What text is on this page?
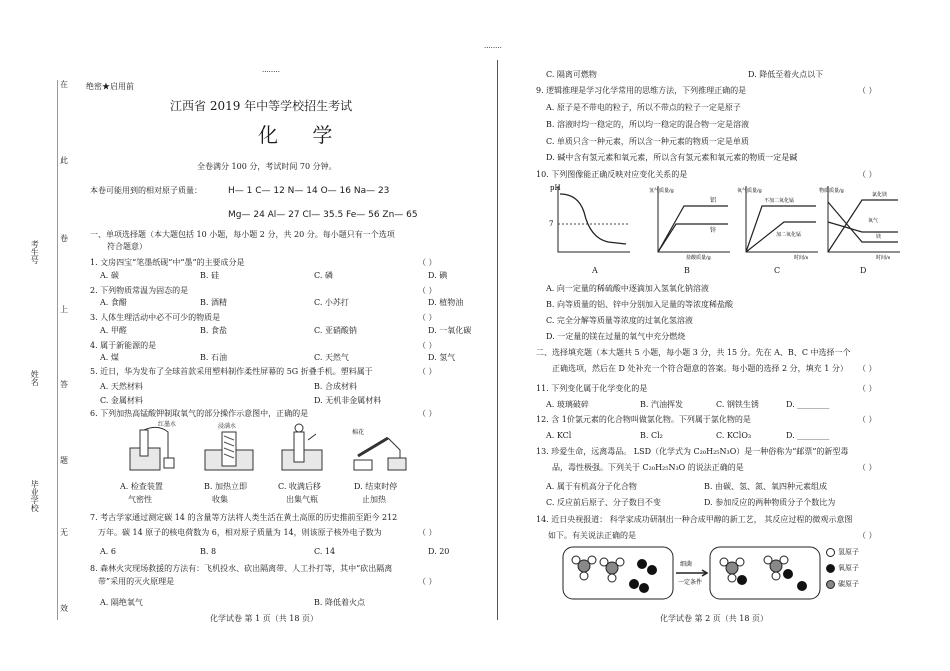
........
........
在
此
卷
上
答
题
无
效
考生号
姓名
毕业学校
绝密★启用前
江西省 2019 年中等学校招生考试
化 学
全卷满分 100 分，考试时间 70 分钟。
本卷可能用到的相对原子质量：	H— 1 C— 12 N— 14 O— 16 Na— 23
Mg— 24 Al— 27 Cl— 35.5 Fe— 56 Zn— 65
一、单项选择题（本大题包括 10 小题，每小题 2 分，共 20 分。每小题只有一个选项
符合题意）
1. 文房四宝“笔墨纸砚”中“墨”的主要成分是	（ ）
A. 碳	B. 硅	C. 磷	D. 碘
2. 下列物质常温为固态的是	（ ）
A. 食醋	B. 酒精	C. 小苏打	D. 植物油
3. 人体生理活动中必不可少的物质是	（ ）
A. 甲醛	B. 食盐	C. 亚硝酸钠	D. 一氧化碳
4. 属于新能源的是	（ ）
A. 煤	B. 石油	C. 天然气	D. 氢气
5. 近日，华为发布了全球首款采用塑料制作柔性屏幕的 5G 折叠手机。塑料属于	（ ）
A. 天然材料	B. 合成材料
C. 金属材料	D. 无机非金属材料
6. 下列加热高锰酸钾制取氧气的部分操作示意图中，正确的是	（ ）
红墨水	浸满水
棉花
A. 检查装置
气密性
B. 加热立即
收集
C. 收满后移
出集气瓶
D. 结束时停
止加热
7. 考古学家通过测定碳 14 的含量等方法将人类生活在黄土高原的历史推前至距今 212
万年。碳 14 原子的核电荷数为 6，相对原子质量为 14，则该原子核外电子数为	（ ）
A. 6	B. 8	C. 14	D. 20
8. 森林火灾现场救援的方法有：飞机投水、砍出隔离带、人工扑打等，其中“砍出隔离
带”采用的灭火原理是	（ ）
A. 隔绝氧气	B. 降低着火点
化学试卷 第 1 页（共 18 页）
C. 隔离可燃物	D. 降低至着火点以下
9. 逻辑推理是学习化学常用的思维方法，下列推理正确的是	（ ）
A. 原子是不带电的粒子，所以不带点的粒子一定是原子
B. 溶液时均一稳定的，所以均一稳定的混合物一定是溶液
C. 单质只含一种元素，所以含一种元素的物质一定是单质
D. 碱中含有氢元素和氧元素，所以含有氢元素和氧元素的物质一定是碱
10. 下列图像能正确反映对应变化关系的是	（ ）
pH
7
氢气质量/g
盐酸质量/g
铝
锌
氧气质量/g
时间/s
不加二氧化锰
加二氧化锰
物质质量/g
时间/s
氯化镁
氧气
镁
A	B	C	D
A. 向一定量的稀硫酸中逐滴加入氢氧化钠溶液
B. 向等质量的铝、锌中分别加入足量的等浓度稀盐酸
C. 完全分解等质量等浓度的过氧化氢溶液
D. 一定量的镁在过量的氧气中充分燃烧
二、选择填充题（本大题共 5 小题，每小题 3 分，共 15 分。先在 A、B、C 中选择一个
正确选项，然后在 D 处补充一个符合题意的答案。每小题的选择 2 分，填充 1 分） （ ）
11. 下列变化属于化学变化的是	（ ）
A. 玻璃破碎	B. 汽油挥发	C. 钢铁生锈	D. ________
12. 含 1价氯元素的化合物叫做氯化物。下列属于氯化物的是	（ ）
A. KCl	B. Cl₂	C. KClO₃	D. ________
13. 珍爱生命，远离毒品。 LSD（化学式为 C₂₀H₂₅N₃O）是一种俗称为“邮票”的新型毒
品，毒性极强。下列关于 C₂₀H₂₅N₃O 的说法正确的是	（ ）
A. 属于有机高分子化合物	B. 由碳、氢、氮、氧四种元素组成
C. 反应前后原子、分子数目不变	D. 参加反应的两种物质分子个数比为
14. 近日央视报道： 科学家成功研制出一种合成甲醇的新工艺， 其反应过程的微观示意图
如下。有关说法正确的是	（ ）
细菌
一定条件
氢原子
氧原子
碳原子
化学试卷 第 2 页（共 18 页）
